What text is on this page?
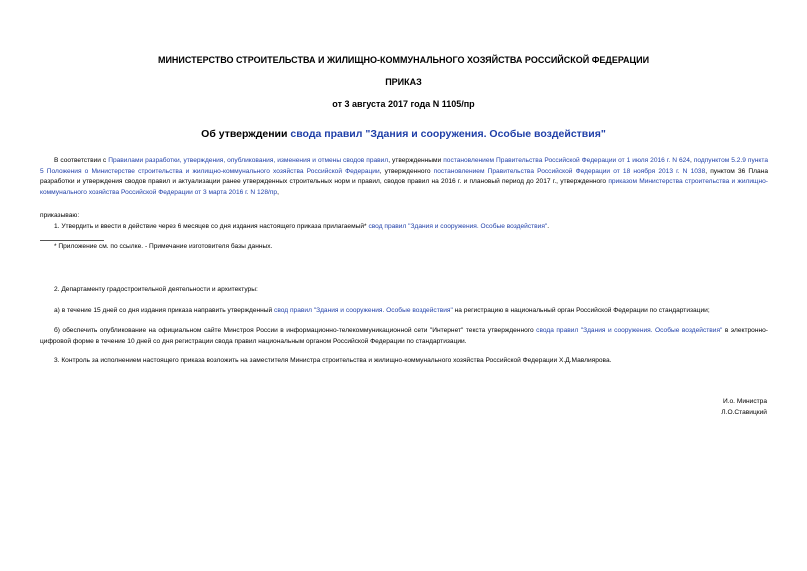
МИНИСТЕРСТВО СТРОИТЕЛЬСТВА И ЖИЛИЩНО-КОММУНАЛЬНОГО ХОЗЯЙСТВА РОССИЙСКОЙ ФЕДЕРАЦИИ
ПРИКАЗ
от 3 августа 2017 года N 1105/пр
Об утверждении свода правил "Здания и сооружения. Особые воздействия"
В соответствии с Правилами разработки, утверждения, опубликования, изменения и отмены сводов правил, утвержденными постановлением Правительства Российской Федерации от 1 июля 2016 г. N 624, подпунктом 5.2.9 пункта 5 Положения о Министерстве строительства и жилищно-коммунального хозяйства Российской Федерации, утвержденного постановлением Правительства Российской Федерации от 18 ноября 2013 г. N 1038, пунктом 36 Плана разработки и утверждения сводов правил и актуализации ранее утвержденных строительных норм и правил, сводов правил на 2016 г. и плановый период до 2017 г., утвержденного приказом Министерства строительства и жилищно-коммунального хозяйства Российской Федерации от 3 марта 2016 г. N 128/пр,
приказываю:
1. Утвердить и ввести в действие через 6 месяцев со дня издания настоящего приказа прилагаемый* свод правил "Здания и сооружения. Особые воздействия".
* Приложение см. по ссылке. - Примечание изготовителя базы данных.
2. Департаменту градостроительной деятельности и архитектуры:
а) в течение 15 дней со дня издания приказа направить утвержденный свод правил "Здания и сооружения. Особые воздействия" на регистрацию в национальный орган Российской Федерации по стандартизации;
б) обеспечить опубликование на официальном сайте Минстроя России в информационно-телекоммуникационной сети "Интернет" текста утвержденного свода правил "Здания и сооружения. Особые воздействия" в электронно-цифровой форме в течение 10 дней со дня регистрации свода правил национальным органом Российской Федерации по стандартизации.
3. Контроль за исполнением настоящего приказа возложить на заместителя Министра строительства и жилищно-коммунального хозяйства Российской Федерации Х.Д.Мавлиярова.
И.о. Министра
Л.О.Ставицкий
